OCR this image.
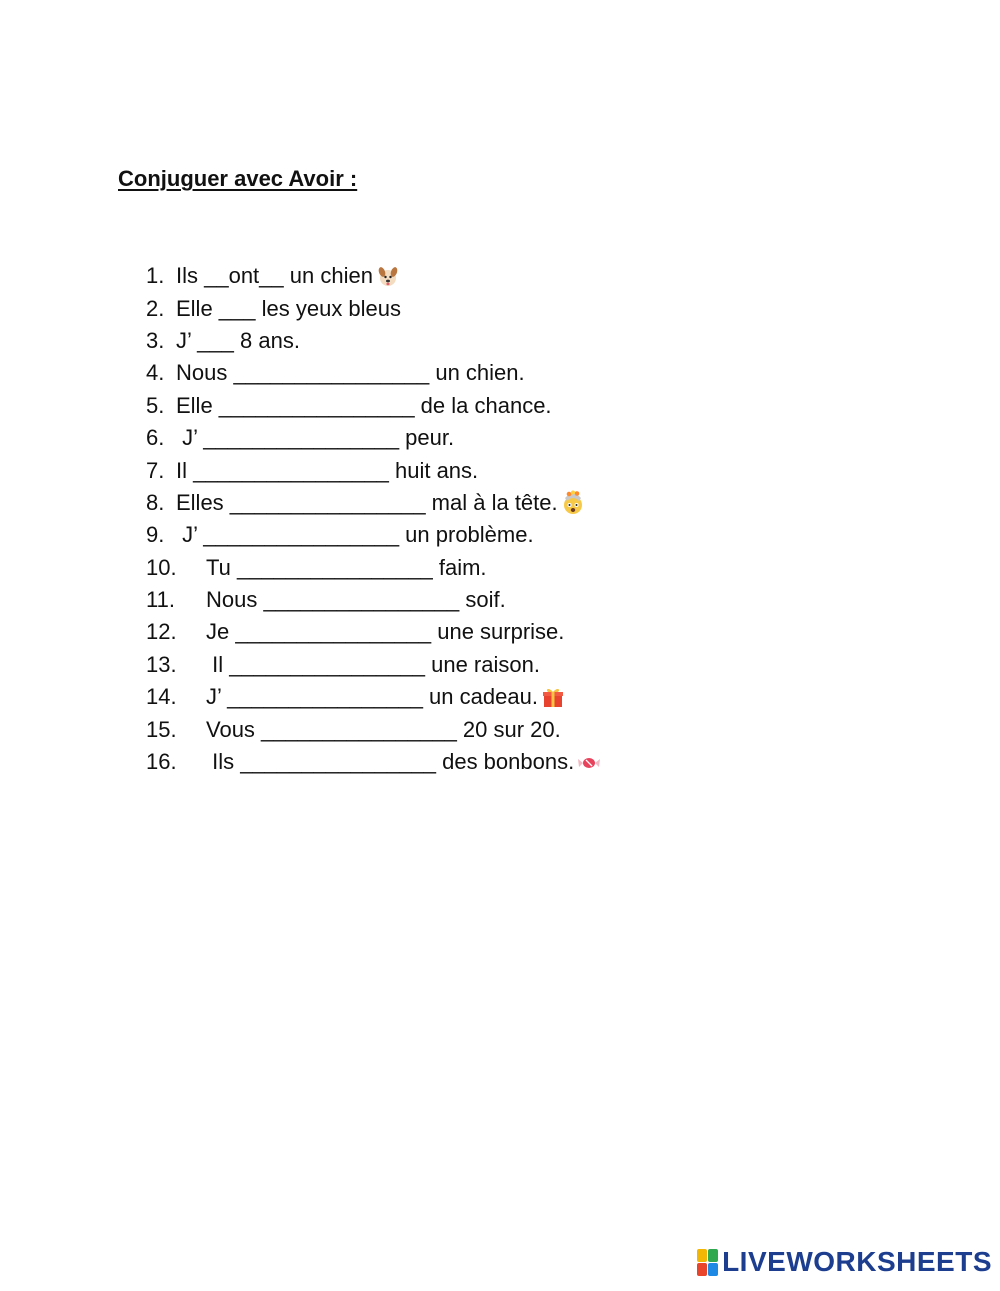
Conjuguer avec Avoir :
1. Ils __ont__ un chien
2. Elle ___ les yeux bleus
3. J’ ___ 8 ans.
4. Nous ________________ un chien.
5. Elle ________________ de la chance.
6. J’ ________________ peur.
7. Il ________________ huit ans.
8. Elles ________________ mal à la tête.
9. J’ ________________ un problème.
10.	Tu ________________ faim.
11.	Nous ________________ soif.
12.	Je ________________ une surprise.
13.	Il ________________ une raison.
14.	J’ ________________ un cadeau.
15.	Vous ________________ 20 sur 20.
16.	Ils ________________ des bonbons.
LIVEWORKSHEETS
